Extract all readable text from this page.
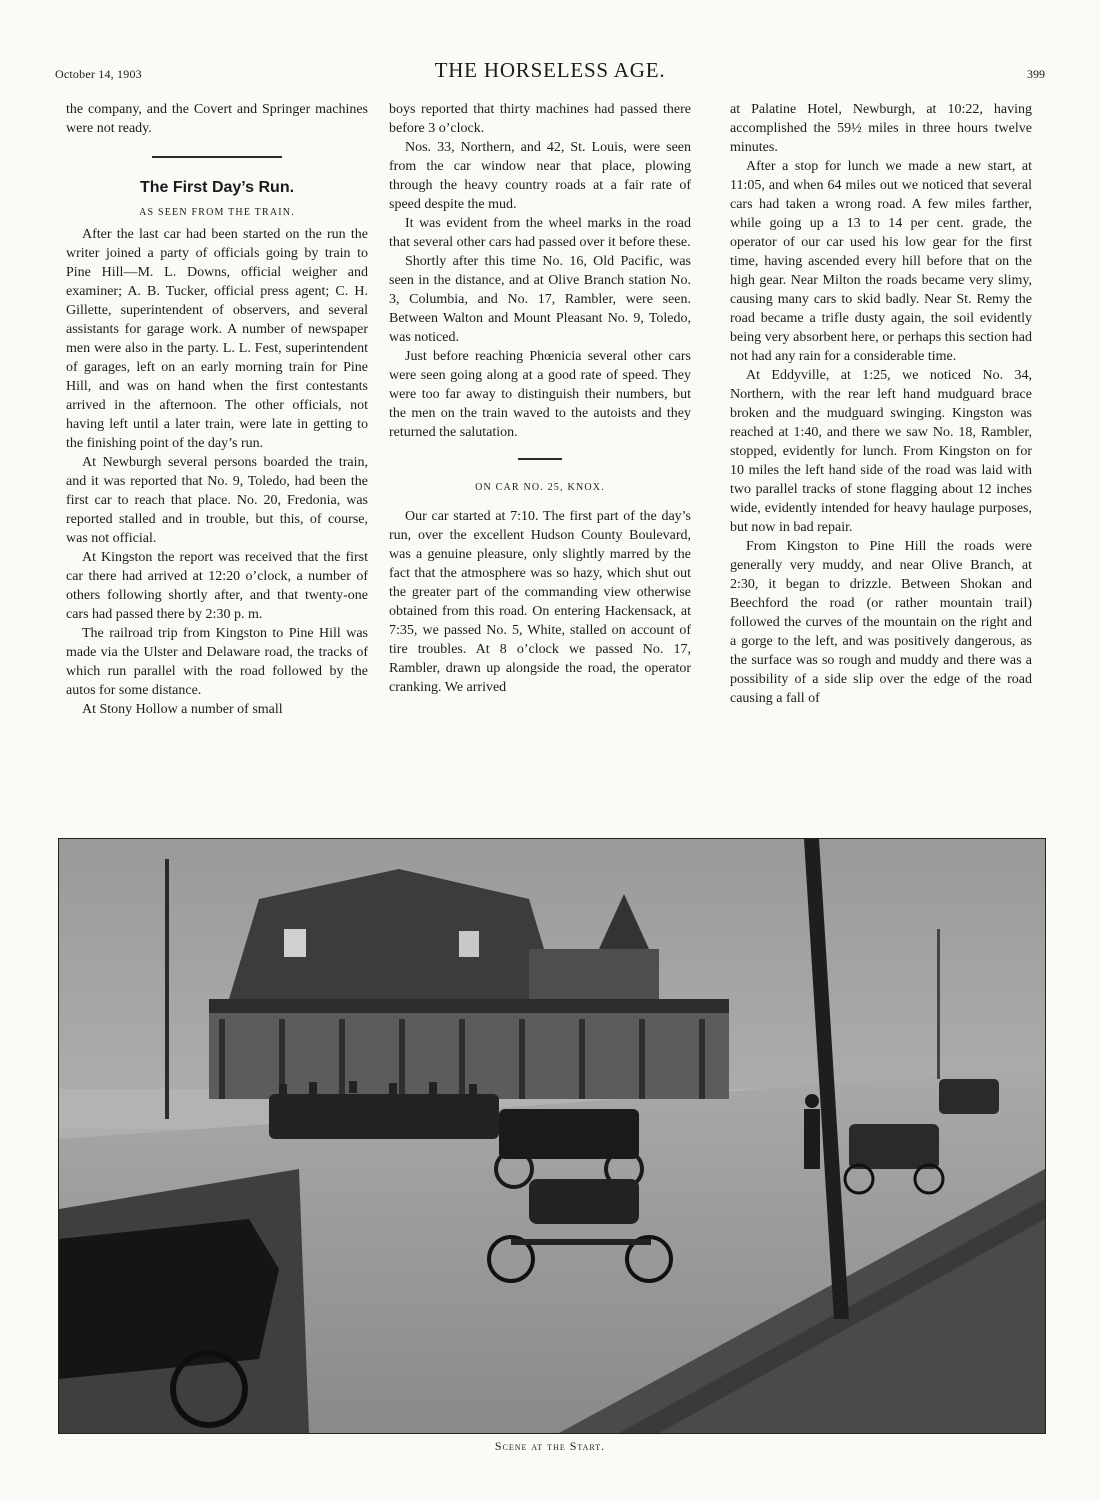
October 14, 1903	THE HORSELESS AGE.	399

the company, and the Covert and Springer machines were not ready.

The First Day’s Run.
AS SEEN FROM THE TRAIN.

After the last car had been started on the run the writer joined a party of officials going by train to Pine Hill—M. L. Downs, official weigher and examiner; A. B. Tucker, official press agent; C. H. Gillette, superintendent of observers, and several assistants for garage work. A number of newspaper men were also in the party. L. L. Fest, superintendent of garages, left on an early morning train for Pine Hill, and was on hand when the first contestants arrived in the afternoon. The other officials, not having left until a later train, were late in getting to the finishing point of the day’s run.

At Newburgh several persons boarded the train, and it was reported that No. 9, Toledo, had been the first car to reach that place. No. 20, Fredonia, was reported stalled and in trouble, but this, of course, was not official.

At Kingston the report was received that the first car there had arrived at 12:20 o’clock, a number of others following shortly after, and that twenty-one cars had passed there by 2:30 p. m.

The railroad trip from Kingston to Pine Hill was made via the Ulster and Delaware road, the tracks of which run parallel with the road followed by the autos for some distance.

At Stony Hollow a number of small

boys reported that thirty machines had passed there before 3 o’clock.

Nos. 33, Northern, and 42, St. Louis, were seen from the car window near that place, plowing through the heavy country roads at a fair rate of speed despite the mud.

It was evident from the wheel marks in the road that several other cars had passed over it before these.

Shortly after this time No. 16, Old Pacific, was seen in the distance, and at Olive Branch station No. 3, Columbia, and No. 17, Rambler, were seen. Between Walton and Mount Pleasant No. 9, Toledo, was noticed.

Just before reaching Phœnicia several other cars were seen going along at a good rate of speed. They were too far away to distinguish their numbers, but the men on the train waved to the autoists and they returned the salutation.

ON CAR NO. 25, KNOX.

Our car started at 7:10. The first part of the day’s run, over the excellent Hudson County Boulevard, was a genuine pleasure, only slightly marred by the fact that the atmosphere was so hazy, which shut out the greater part of the commanding view otherwise obtained from this road. On entering Hackensack, at 7:35, we passed No. 5, White, stalled on account of tire troubles. At 8 o’clock we passed No. 17, Rambler, drawn up alongside the road, the operator cranking. We arrived

at Palatine Hotel, Newburgh, at 10:22, having accomplished the 59½ miles in three hours twelve minutes.

After a stop for lunch we made a new start, at 11:05, and when 64 miles out we noticed that several cars had taken a wrong road. A few miles farther, while going up a 13 to 14 per cent. grade, the operator of our car used his low gear for the first time, having ascended every hill before that on the high gear. Near Milton the roads became very slimy, causing many cars to skid badly. Near St. Remy the road became a trifle dusty again, the soil evidently being very absorbent here, or perhaps this section had not had any rain for a considerable time.

At Eddyville, at 1:25, we noticed No. 34, Northern, with the rear left hand mudguard brace broken and the mudguard swinging. Kingston was reached at 1:40, and there we saw No. 18, Rambler, stopped, evidently for lunch. From Kingston on for 10 miles the left hand side of the road was laid with two parallel tracks of stone flagging about 12 inches wide, evidently intended for heavy haulage purposes, but now in bad repair.

From Kingston to Pine Hill the roads were generally very muddy, and near Olive Branch, at 2:30, it began to drizzle. Between Shokan and Beechford the road (or rather mountain trail) followed the curves of the mountain on the right and a gorge to the left, and was positively dangerous, as the surface was so rough and muddy and there was a possibility of a side slip over the edge of the road causing a fall of

Scene at the Start.
